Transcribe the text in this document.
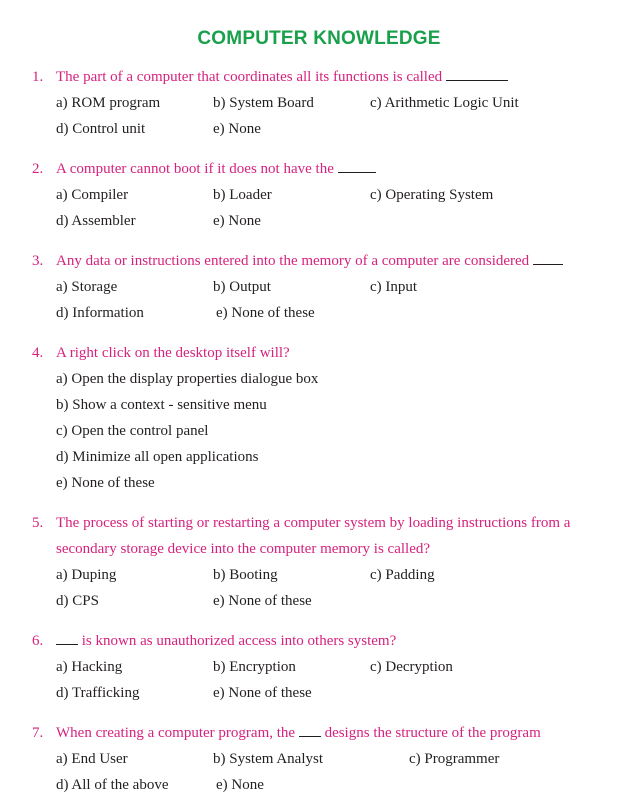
COMPUTER KNOWLEDGE
1. The part of a computer that coordinates all its functions is called
a) ROM program	b) System Board	c) Arithmetic Logic Unit
d) Control unit	e) None
2. A computer cannot boot if it does not have the
a) Compiler	b) Loader	c) Operating System
d) Assembler	e) None
3. Any data or instructions entered into the memory of a computer are considered
a) Storage	b) Output	c) Input
d) Information	e) None of these
4. A right click on the desktop itself will?
a) Open the display properties dialogue box
b) Show a context - sensitive menu
c) Open the control panel
d) Minimize all open applications
e) None of these
5. The process of starting or restarting a computer system by loading instructions from a secondary storage device into the computer memory is called?
a) Duping	b) Booting	c) Padding
d) CPS	e) None of these
6.	is known as unauthorized access into others system?
a) Hacking	b) Encryption	c) Decryption
d) Trafficking	e) None of these
7. When creating a computer program, the designs the structure of the program
a) End User	b) System Analyst	c) Programmer
d) All of the above	e) None
